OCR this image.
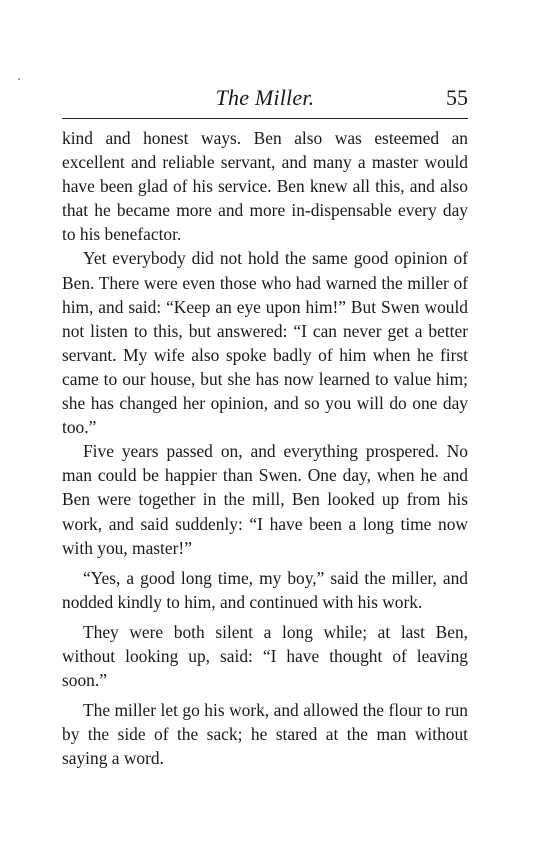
The Miller.	55

kind and honest ways. Ben also was esteemed an excellent and reliable servant, and many a master would have been glad of his service. Ben knew all this, and also that he became more and more in-dispensable every day to his benefactor.

Yet everybody did not hold the same good opinion of Ben. There were even those who had warned the miller of him, and said: “Keep an eye upon him!” But Swen would not listen to this, but answered: “I can never get a better servant. My wife also spoke badly of him when he first came to our house, but she has now learned to value him; she has changed her opinion, and so you will do one day too.”

Five years passed on, and everything prospered. No man could be happier than Swen. One day, when he and Ben were together in the mill, Ben looked up from his work, and said suddenly: “I have been a long time now with you, master!”

“Yes, a good long time, my boy,” said the miller, and nodded kindly to him, and continued with his work.

They were both silent a long while; at last Ben, without looking up, said: “I have thought of leaving soon.”

The miller let go his work, and allowed the flour to run by the side of the sack; he stared at the man without saying a word.
